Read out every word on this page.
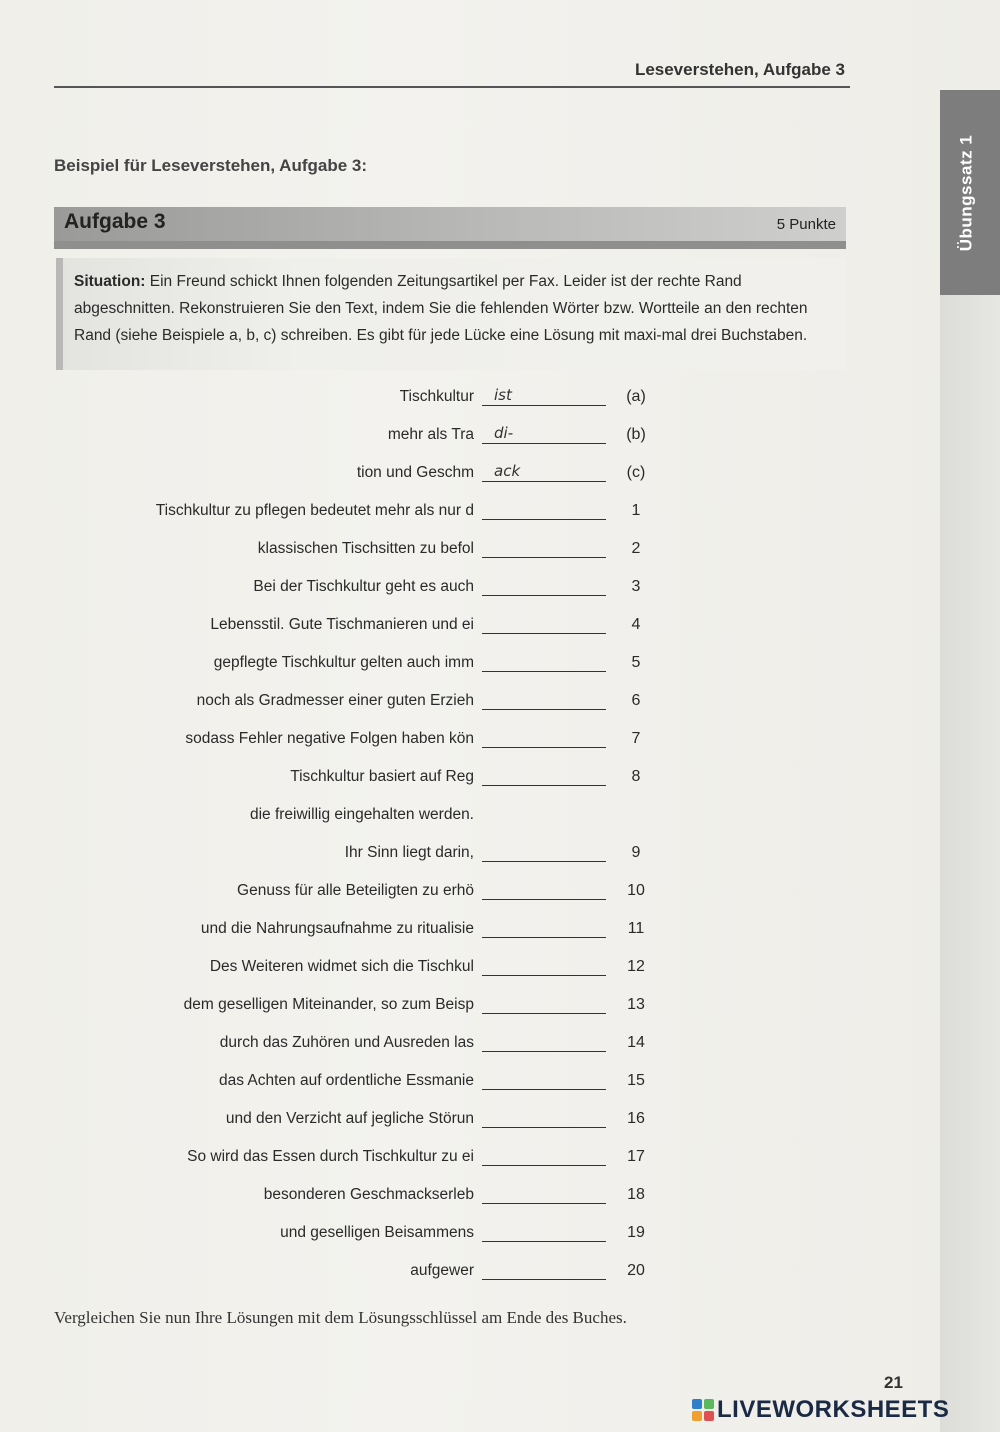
Leseverstehen, Aufgabe 3
Übungssatz 1
Beispiel für Leseverstehen, Aufgabe 3:
Aufgabe 3	5 Punkte
Situation: Ein Freund schickt Ihnen folgenden Zeitungsartikel per Fax. Leider ist der rechte Rand abgeschnitten. Rekonstruieren Sie den Text, indem Sie die fehlenden Wörter bzw. Wortteile an den rechten Rand (siehe Beispiele a, b, c) schreiben. Es gibt für jede Lücke eine Lösung mit maxi-mal drei Buchstaben.
Tischkultur ist	(a)
mehr als Tra di-	(b)
tion und Geschm ack	(c)
Tischkultur zu pflegen bedeutet mehr als nur d	1
klassischen Tischsitten zu befol	2
Bei der Tischkultur geht es auch	3
Lebensstil. Gute Tischmanieren und ei	4
gepflegte Tischkultur gelten auch imm	5
noch als Gradmesser einer guten Erzieh	6
sodass Fehler negative Folgen haben kön	7
Tischkultur basiert auf Reg	8
die freiwillig eingehalten werden.
Ihr Sinn liegt darin,	9
Genuss für alle Beteiligten zu erhö	10
und die Nahrungsaufnahme zu ritualisie	11
Des Weiteren widmet sich die Tischkul	12
dem geselligen Miteinander, so zum Beisp	13
durch das Zuhören und Ausreden las	14
das Achten auf ordentliche Essmanie	15
und den Verzicht auf jegliche Störun	16
So wird das Essen durch Tischkultur zu ei	17
besonderen Geschmackserleb	18
und geselligen Beisammens	19
aufgewer	20
Vergleichen Sie nun Ihre Lösungen mit dem Lösungsschlüssel am Ende des Buches.
21
LIVEWORKSHEETS
